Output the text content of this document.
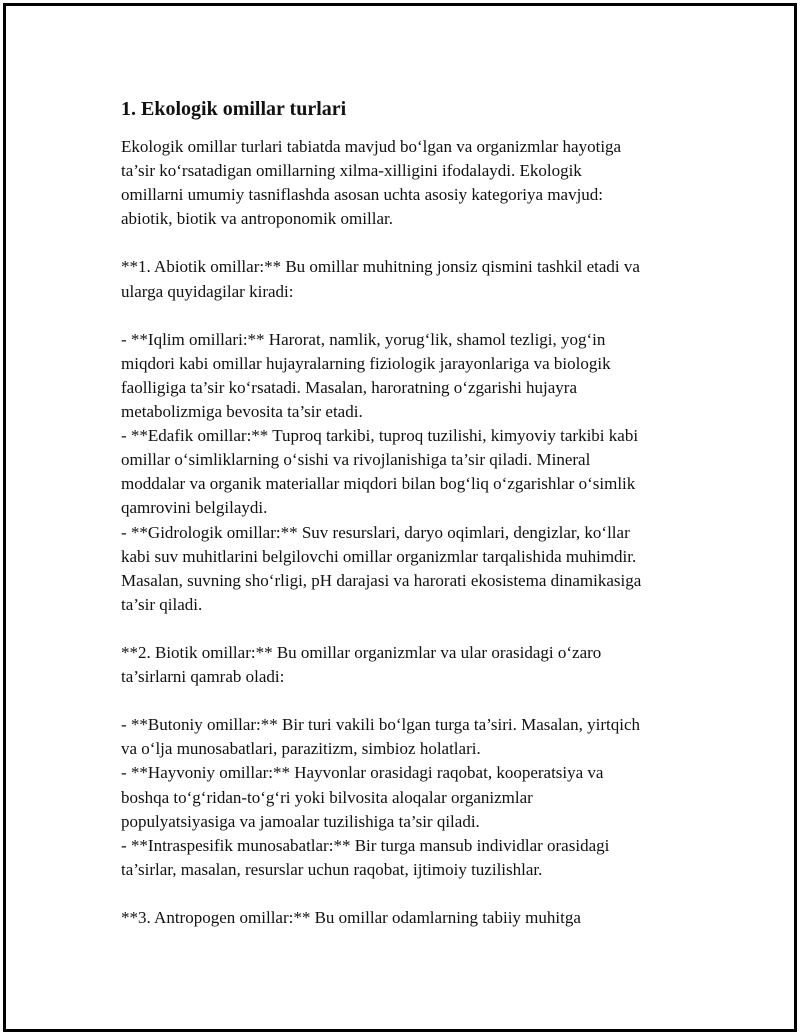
1. Ekologik omillar turlari
Ekologik omillar turlari tabiatda mavjud bo‘lgan va organizmlar hayotiga
ta’sir ko‘rsatadigan omillarning xilma-xilligini ifodalaydi. Ekologik
omillarni umumiy tasniflashda asosan uchta asosiy kategoriya mavjud:
abiotik, biotik va antroponomik omillar.
**1. Abiotik omillar:** Bu omillar muhitning jonsiz qismini tashkil etadi va
ularga quyidagilar kiradi:
- **Iqlim omillari:** Harorat, namlik, yorug‘lik, shamol tezligi, yog‘in
miqdori kabi omillar hujayralarning fiziologik jarayonlariga va biologik
faolligiga ta’sir ko‘rsatadi. Masalan, haroratning o‘zgarishi hujayra
metabolizmiga bevosita ta’sir etadi.
- **Edafik omillar:** Tuproq tarkibi, tuproq tuzilishi, kimyoviy tarkibi kabi
omillar o‘simliklarning o‘sishi va rivojlanishiga ta’sir qiladi. Mineral
moddalar va organik materiallar miqdori bilan bog‘liq o‘zgarishlar o‘simlik
qamrovini belgilaydi.
- **Gidrologik omillar:** Suv resurslari, daryo oqimlari, dengizlar, ko‘llar
kabi suv muhitlarini belgilovchi omillar organizmlar tarqalishida muhimdir.
Masalan, suvning sho‘rligi, pH darajasi va harorati ekosistema dinamikasiga
ta’sir qiladi.
**2. Biotik omillar:** Bu omillar organizmlar va ular orasidagi o‘zaro
ta’sirlarni qamrab oladi:
- **Butoniy omillar:** Bir turi vakili bo‘lgan turga ta’siri. Masalan, yirtqich
va o‘lja munosabatlari, parazitizm, simbioz holatlari.
- **Hayvoniy omillar:** Hayvonlar orasidagi raqobat, kooperatsiya va
boshqa to‘g‘ridan-to‘g‘ri yoki bilvosita aloqalar organizmlar
populyatsiyasiga va jamoalar tuzilishiga ta’sir qiladi.
- **Intraspesifik munosabatlar:** Bir turga mansub individlar orasidagi
ta’sirlar, masalan, resurslar uchun raqobat, ijtimoiy tuzilishlar.
**3. Antropogen omillar:** Bu omillar odamlarning tabiiy muhitga
